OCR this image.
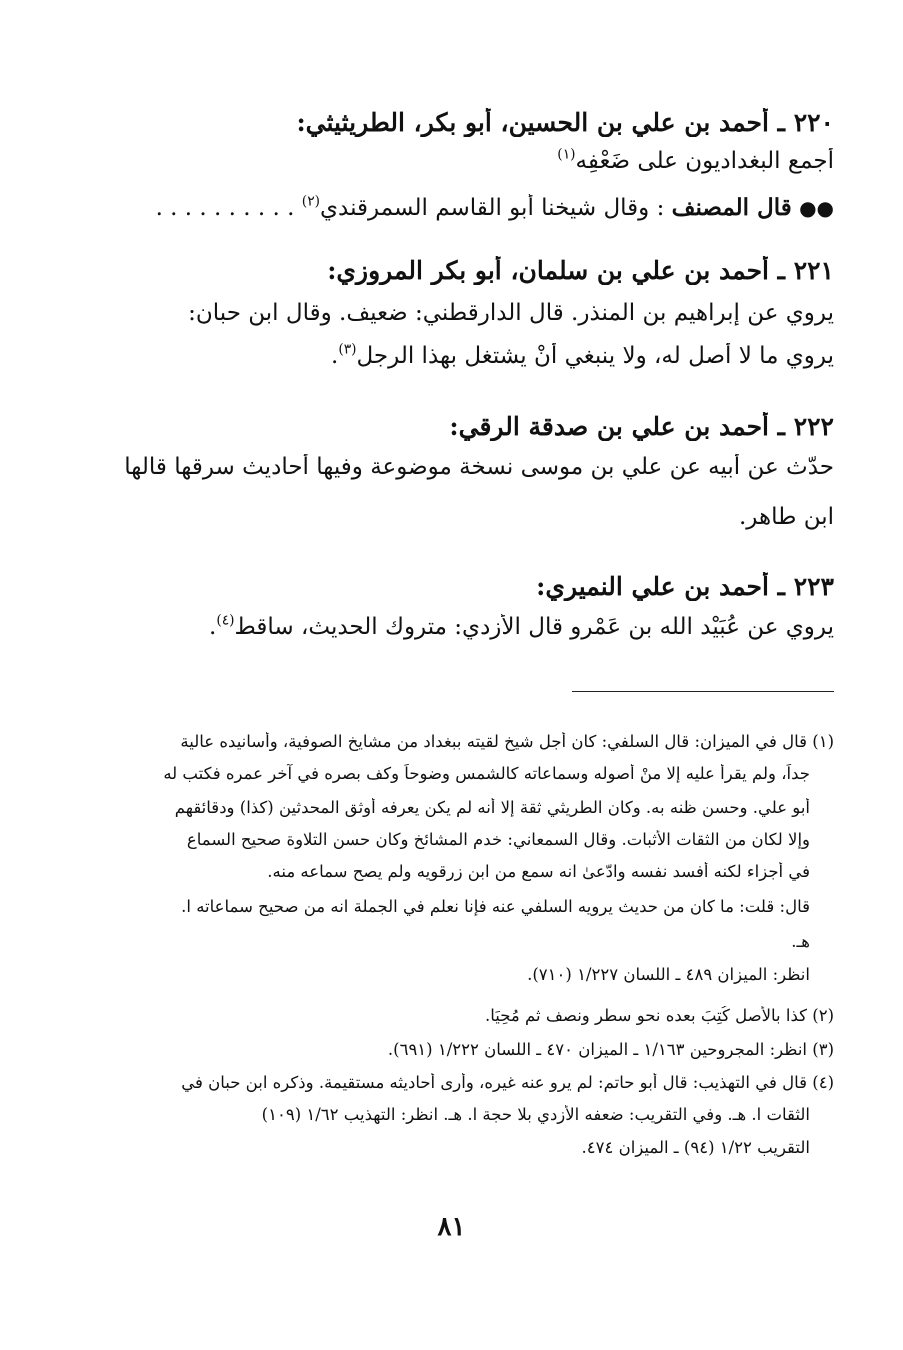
٢٢٠ ـ أحمد بن علي بن الحسين، أبو بكر، الطريثيثي:
أجمع البغداديون على ضَعْفِه$^{(١)}$
●● قال المصنف : وقال شيخنا أبو القاسم السمرقندي$^{(٢)}$ . . . . . . . . . .
٢٢١ ـ أحمد بن علي بن سلمان، أبو بكر المروزي:
يروي عن إبراهيم بن المنذر. قال الدارقطني: ضعيف. وقال ابن حبان:
يروي ما لا أصل له، ولا ينبغي أنْ يشتغل بهذا الرجل$^{(٣)}$.
٢٢٢ ـ أحمد بن علي بن صدقة الرقي:
حدّث عن أبيه عن علي بن موسى نسخة موضوعة وفيها أحاديث سرقها قالها
ابن طاهر.
٢٢٣ ـ أحمد بن علي النميري:
يروي عن عُبَيْد الله بن عَمْرو قال الأزدي: متروك الحديث، ساقط$^{(٤)}$.
(١) قال في الميزان: قال السلفي: كان أجل شيخ لقيته ببغداد من مشايخ الصوفية، وأسانيده عالية
جداً، ولم يقرأ عليه إلا منْ أصوله وسماعاته كالشمس وضوحاً وكف بصره في آخر عمره فكتب له
أبو علي. وحسن ظنه به. وكان الطريثي ثقة إلا أنه لم يكن يعرفه أوثق المحدثين (كذا) ودقائقهم
وإلا لكان من الثقات الأثبات. وقال السمعاني: خدم المشائخ وكان حسن التلاوة صحيح السماع
في أجزاء لكنه أفسد نفسه وادّعىٰ انه سمع من ابن زرقويه ولم يصح سماعه منه.
قال: قلت: ما كان من حديث يرويه السلفي عنه فإنا نعلم في الجملة انه من صحيح سماعاته ا.
هـ.
انظر: الميزان ٤٨٩ ـ اللسان ١/٢٢٧ (٧١٠).
(٢) كذا بالأصل كُتِبَ بعده نحو سطر ونصف ثم مُحِيَا.
(٣) انظر: المجروحين ١/١٦٣ ـ الميزان ٤٧٠ ـ اللسان ١/٢٢٢ (٦٩١).
(٤) قال في التهذيب: قال أبو حاتم: لم يرو عنه غيره، وأرى أحاديثه مستقيمة. وذكره ابن حبان في
الثقات ا. هـ. وفي التقريب: ضعفه الأزدي بلا حجة ا. هـ. انظر: التهذيب ١/٦٢ (١٠٩)
التقريب ١/٢٢ (٩٤) ـ الميزان ٤٧٤.
٨١
